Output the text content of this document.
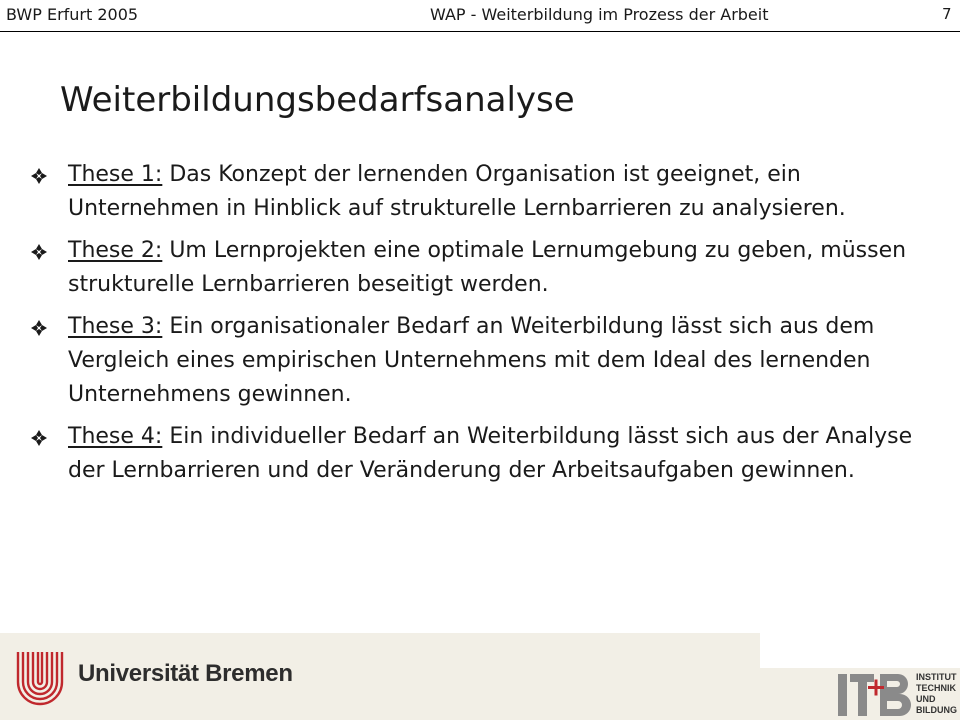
BWP Erfurt 2005	WAP - Weiterbildung im Prozess der Arbeit	7
Weiterbildungsbedarfsanalyse
These 1: Das Konzept der lernenden Organisation ist geeignet, ein Unternehmen in Hinblick auf strukturelle Lernbarrieren zu analysieren.
These 2: Um Lernprojekten eine optimale Lernumgebung zu geben, müssen strukturelle Lernbarrieren beseitigt werden.
These 3: Ein organisationaler Bedarf an Weiterbildung lässt sich aus dem Vergleich eines empirischen Unternehmens mit dem Ideal des lernenden Unternehmens gewinnen.
These 4: Ein individueller Bedarf an Weiterbildung lässt sich aus der Analyse der Lernbarrieren und der Veränderung der Arbeitsaufgaben gewinnen.
Universität Bremen	INSTITUT
TECHNIK
UND
BILDUNG
